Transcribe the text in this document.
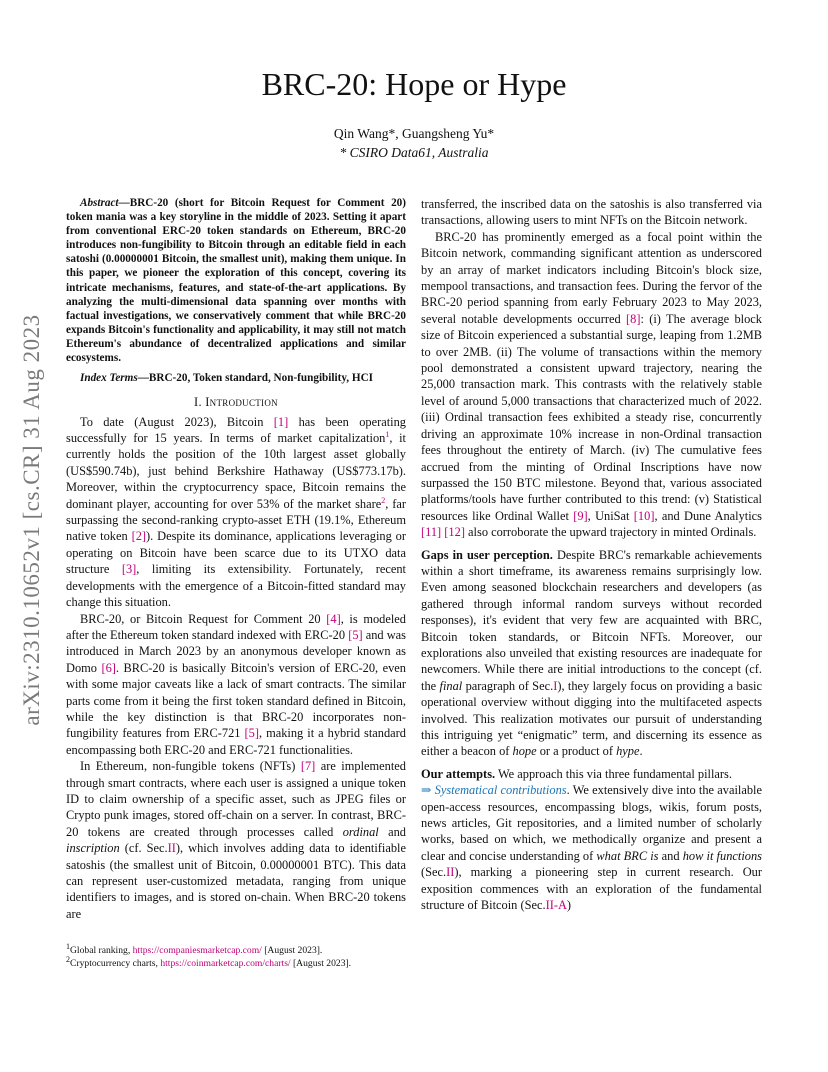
arXiv:2310.10652v1 [cs.CR] 31 Aug 2023
BRC-20: Hope or Hype
Qin Wang*, Guangsheng Yu*
* CSIRO Data61, Australia

Abstract—BRC-20 (short for Bitcoin Request for Comment 20) token mania was a key storyline in the middle of 2023. Setting it apart from conventional ERC-20 token standards on Ethereum, BRC-20 introduces non-fungibility to Bitcoin through an editable field in each satoshi (0.00000001 Bitcoin, the smallest unit), making them unique. In this paper, we pioneer the exploration of this concept, covering its intricate mechanisms, features, and state-of-the-art applications. By analyzing the multi-dimensional data spanning over months with factual investigations, we conservatively comment that while BRC-20 expands Bitcoin's functionality and applicability, it may still not match Ethereum's abundance of decentralized applications and similar ecosystems.

Index Terms—BRC-20, Token standard, Non-fungibility, HCI

I. Introduction

To date (August 2023), Bitcoin [1] has been operating successfully for 15 years. In terms of market capitalization$^1$, it currently holds the position of the 10th largest asset globally (US$590.74b), just behind Berkshire Hathaway (US$773.17b). Moreover, within the cryptocurrency space, Bitcoin remains the dominant player, accounting for over 53% of the market share$^2$, far surpassing the second-ranking crypto-asset ETH (19.1%, Ethereum native token [2]). Despite its dominance, applications leveraging or operating on Bitcoin have been scarce due to its UTXO data structure [3], limiting its extensibility. Fortunately, recent developments with the emergence of a Bitcoin-fitted standard may change this situation.

BRC-20, or Bitcoin Request for Comment 20 [4], is modeled after the Ethereum token standard indexed with ERC-20 [5] and was introduced in March 2023 by an anonymous developer known as Domo [6]. BRC-20 is basically Bitcoin's version of ERC-20, even with some major caveats like a lack of smart contracts. The similar parts come from it being the first token standard defined in Bitcoin, while the key distinction is that BRC-20 incorporates non-fungibility features from ERC-721 [5], making it a hybrid standard encompassing both ERC-20 and ERC-721 functionalities.

In Ethereum, non-fungible tokens (NFTs) [7] are implemented through smart contracts, where each user is assigned a unique token ID to claim ownership of a specific asset, such as JPEG files or Crypto punk images, stored off-chain on a server. In contrast, BRC-20 tokens are created through processes called ordinal and inscription (cf. Sec.II), which involves adding data to identifiable satoshis (the smallest unit of Bitcoin, 0.00000001 BTC). This data can represent user-customized metadata, ranging from unique identifiers to images, and is stored on-chain. When BRC-20 tokens are

$^1$Global ranking, https://companiesmarketcap.com/ [August 2023].
$^2$Cryptocurrency charts, https://coinmarketcap.com/charts/ [August 2023].

transferred, the inscribed data on the satoshis is also transferred via transactions, allowing users to mint NFTs on the Bitcoin network.

BRC-20 has prominently emerged as a focal point within the Bitcoin network, commanding significant attention as underscored by an array of market indicators including Bitcoin's block size, mempool transactions, and transaction fees. During the fervor of the BRC-20 period spanning from early February 2023 to May 2023, several notable developments occurred [8]: (i) The average block size of Bitcoin experienced a substantial surge, leaping from 1.2MB to over 2MB. (ii) The volume of transactions within the memory pool demonstrated a consistent upward trajectory, nearing the 25,000 transaction mark. This contrasts with the relatively stable level of around 5,000 transactions that characterized much of 2022. (iii) Ordinal transaction fees exhibited a steady rise, concurrently driving an approximate 10% increase in non-Ordinal transaction fees throughout the entirety of March. (iv) The cumulative fees accrued from the minting of Ordinal Inscriptions have now surpassed the 150 BTC milestone. Beyond that, various associated platforms/tools have further contributed to this trend: (v) Statistical resources like Ordinal Wallet [9], UniSat [10], and Dune Analytics [11] [12] also corroborate the upward trajectory in minted Ordinals.

Gaps in user perception. Despite BRC's remarkable achievements within a short timeframe, its awareness remains surprisingly low. Even among seasoned blockchain researchers and developers (as gathered through informal random surveys without recorded responses), it's evident that very few are acquainted with BRC, Bitcoin token standards, or Bitcoin NFTs. Moreover, our explorations also unveiled that existing resources are inadequate for newcomers. While there are initial introductions to the concept (cf. the final paragraph of Sec.I), they largely focus on providing a basic operational overview without digging into the multifaceted aspects involved. This realization motivates our pursuit of understanding this intriguing yet “enigmatic” term, and discerning its essence as either a beacon of hope or a product of hype.

Our attempts. We approach this via three fundamental pillars.

⇒ Systematical contributions. We extensively dive into the available open-access resources, encompassing blogs, wikis, forum posts, news articles, Git repositories, and a limited number of scholarly works, based on which, we methodically organize and present a clear and concise understanding of what BRC is and how it functions (Sec.II), marking a pioneering step in current research. Our exposition commences with an exploration of the fundamental structure of Bitcoin (Sec.II-A)
